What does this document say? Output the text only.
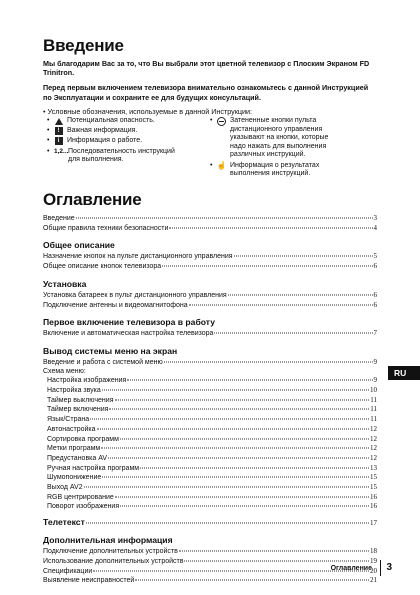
Введение

Мы благодарим Вас за то, что Вы выбрали этот цветной телевизор с Плоским Экраном FD Trinitron.

Перед первым включением телевизора внимательно ознакомьтесь с данной Инструкцией по Эксплуатации и сохраните ее для будущих консультаций.

• Условные обозначения, используемые в данной Инструкции:

•	Потенциальная опасность.
•	!	Важная информация.
•	i	Информация о работе.
• 1,2... Последовательность инструкций для выполнения.
•	Затененные кнопки пульта дистанционного управления указывают на кнопки, которые надо нажать для выполнения различных инструкций.
• ☝ Информация о результатах выполнения инструкций.
Оглавление
Введение	3
Общие правила техники безопасности	4
Общее описание
Назначение кнопок на пульте дистанционного управления	5
Общее описание кнопок телевизора	6
Установка
Установка батареек в пульт дистанционного управления	6
Подключение антенны и видеомагнитофона	6
Первое включение телевизора в работу
Включение и автоматическая настройка телевизора	7
Вывод системы меню на экран
Введение и работа с системой меню	9
Схема меню:
Настройка изображения	9
Настройка звука	10
Таймер выключения	11
Таймер включения	11
Язык/Страна	11
Автонастройка	12
Сортировка программ	12
Метки программ	12
Предустановка AV	12
Ручная настройка программ	13
Шумопонижение	15
Выход AV2	15
RGB центрирование	16
Поворот изображения	16
Телетекст	17
Дополнительная информация
Подключение дополнительных устройств	18
Использование дополнительных устройств	19
Спецификации	20
Выявление неисправностей	21
RU
Оглавление 3
